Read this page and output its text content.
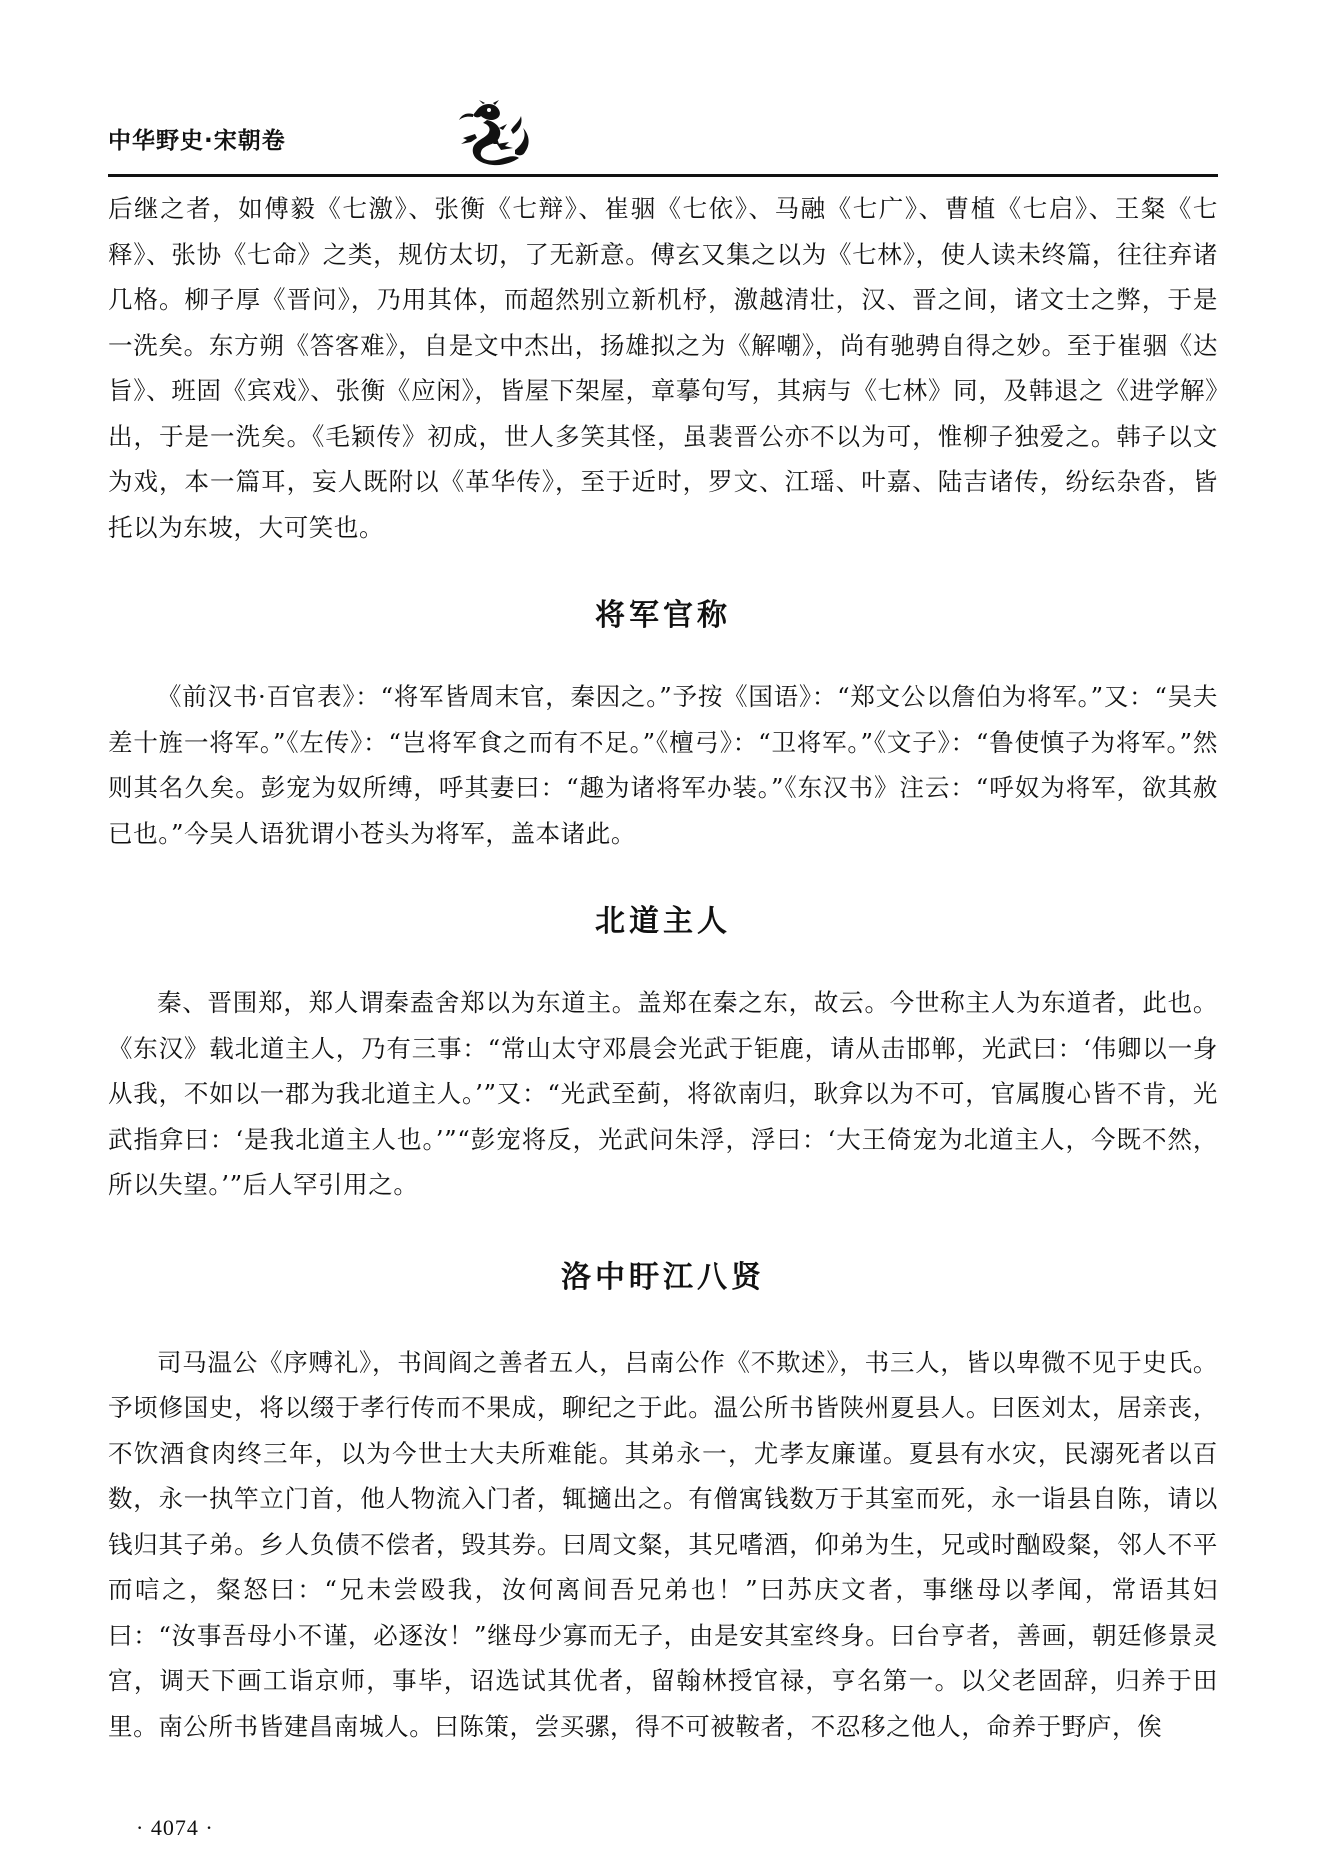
中华野史·宋朝卷

后继之者，如傅毅《七激》、张衡《七辩》、崔骃《七依》、马融《七广》、曹植《七启》、王粲《七释》、张协《七命》之类，规仿太切，了无新意。傅玄又集之以为《七林》，使人读未终篇，往往弃诸几格。柳子厚《晋问》，乃用其体，而超然别立新机杼，激越清壮，汉、晋之间，诸文士之弊，于是一洗矣。东方朔《答客难》，自是文中杰出，扬雄拟之为《解嘲》，尚有驰骋自得之妙。至于崔骃《达旨》、班固《宾戏》、张衡《应闲》，皆屋下架屋，章摹句写，其病与《七林》同，及韩退之《进学解》出，于是一洗矣。《毛颖传》初成，世人多笑其怪，虽裴晋公亦不以为可，惟柳子独爱之。韩子以文为戏，本一篇耳，妄人既附以《革华传》，至于近时，罗文、江瑶、叶嘉、陆吉诸传，纷纭杂沓，皆托以为东坡，大可笑也。

将军官称

《前汉书·百官表》：“将军皆周末官，秦因之。”予按《国语》：“郑文公以詹伯为将军。”又：“吴夫差十旌一将军。”《左传》：“岂将军食之而有不足。”《檀弓》：“卫将军。”《文子》：“鲁使慎子为将军。”然则其名久矣。彭宠为奴所缚，呼其妻曰：“趣为诸将军办装。”《东汉书》注云：“呼奴为将军，欲其赦已也。”今吴人语犹谓小苍头为将军，盖本诸此。

北道主人

秦、晋围郑，郑人谓秦盍舍郑以为东道主。盖郑在秦之东，故云。今世称主人为东道者，此也。《东汉》载北道主人，乃有三事：“常山太守邓晨会光武于钜鹿，请从击邯郸，光武曰：‘伟卿以一身从我，不如以一郡为我北道主人。’”又：“光武至蓟，将欲南归，耿弇以为不可，官属腹心皆不肯，光武指弇曰：‘是我北道主人也。’”“彭宠将反，光武问朱浮，浮曰：‘大王倚宠为北道主人，今既不然，所以失望。’”后人罕引用之。

洛中盱江八贤

司马温公《序赙礼》，书闾阎之善者五人，吕南公作《不欺述》，书三人，皆以卑微不见于史氏。予顷修国史，将以缀于孝行传而不果成，聊纪之于此。温公所书皆陕州夏县人。曰医刘太，居亲丧，不饮酒食肉终三年，以为今世士大夫所难能。其弟永一，尤孝友廉谨。夏县有水灾，民溺死者以百数，永一执竿立门首，他人物流入门者，辄擿出之。有僧寓钱数万于其室而死，永一诣县自陈，请以钱归其子弟。乡人负债不偿者，毁其券。曰周文粲，其兄嗜酒，仰弟为生，兄或时酗殴粲，邻人不平而唁之，粲怒曰：“兄未尝殴我，汝何离间吾兄弟也！”曰苏庆文者，事继母以孝闻，常语其妇曰：“汝事吾母小不谨，必逐汝！”继母少寡而无子，由是安其室终身。曰台亨者，善画，朝廷修景灵宫，调天下画工诣京师，事毕，诏选试其优者，留翰林授官禄，亨名第一。以父老固辞，归养于田里。南公所书皆建昌南城人。曰陈策，尝买骡，得不可被鞍者，不忍移之他人，命养于野庐，俟

· 4074 ·
